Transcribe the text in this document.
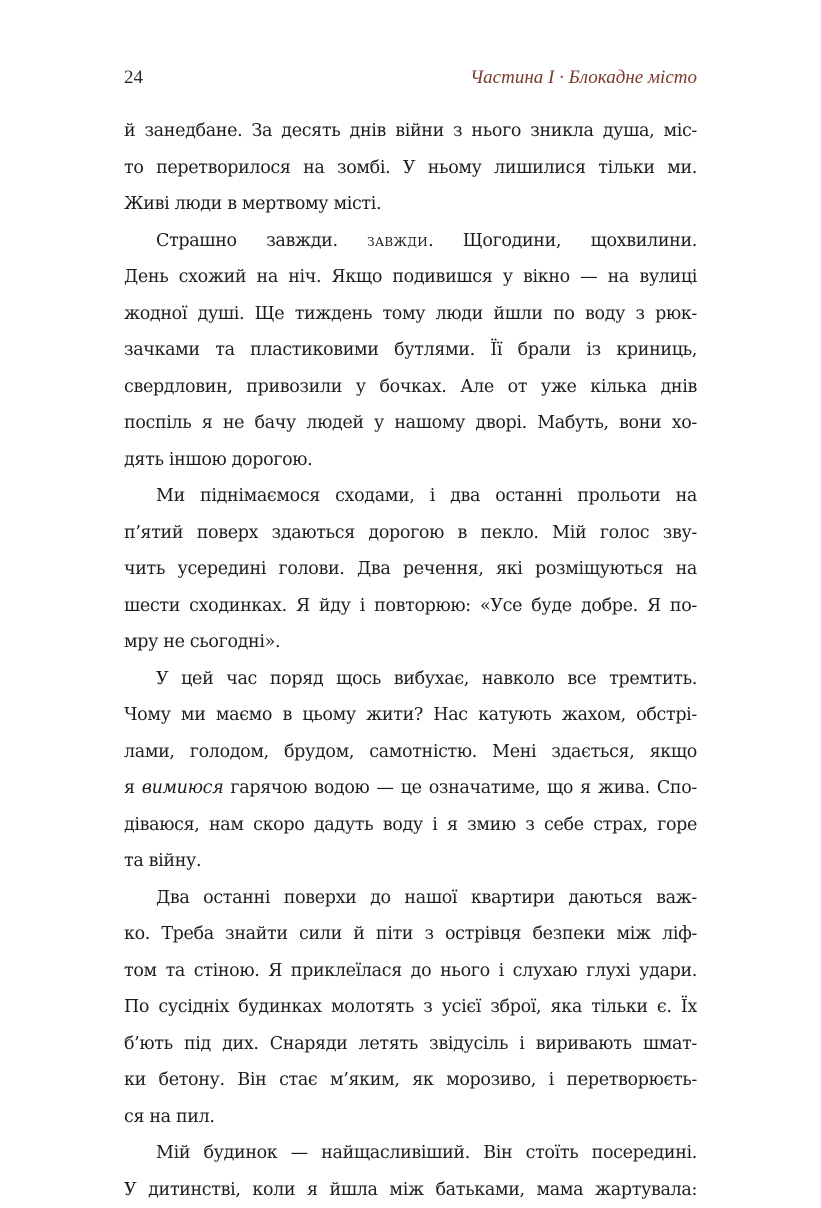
24	Частина I · Блокадне місто
й занедбане. За десять днів війни з нього зникла душа, міс-
то перетворилося на зомбі. У ньому лишилися тільки ми.
Живі люди в мертвому місті.
Страшно завжди. завжди. Щогодини, щохвилини.
День схожий на ніч. Якщо подивишся у вікно — на вулиці
жодної душі. Ще тиждень тому люди йшли по воду з рюк-
зачками та пластиковими бутлями. Її брали із криниць,
свердловин, привозили у бочках. Але от уже кілька днів
поспіль я не бачу людей у нашому дворі. Мабуть, вони хо-
дять іншою дорогою.
Ми піднімаємося сходами, і два останні прольоти на
п’ятий поверх здаються дорогою в пекло. Мій голос зву-
чить усередині голови. Два речення, які розміщуються на
шести сходинках. Я йду і повторюю: «Усе буде добре. Я по-
мру не сьогодні».
У цей час поряд щось вибухає, навколо все тремтить.
Чому ми маємо в цьому жити? Нас катують жахом, обстрі-
лами, голодом, брудом, самотністю. Мені здається, якщо
я вимиюся гарячою водою — це означатиме, що я жива. Спо-
діваюся, нам скоро дадуть воду і я змию з себе страх, горе
та війну.
Два останні поверхи до нашої квартири даються важ-
ко. Треба знайти сили й піти з острівця безпеки між ліф-
том та стіною. Я приклеїлася до нього і слухаю глухі удари.
По сусідніх будинках молотять з усієї зброї, яка тільки є. Їх
б’ють під дих. Снаряди летять звідусіль і виривають шмат-
ки бетону. Він стає м’яким, як морозиво, і перетворюєть-
ся на пил.
Мій будинок — найщасливіший. Він стоїть посередині.
У дитинстві, коли я йшла між батьками, мама жартувала:
